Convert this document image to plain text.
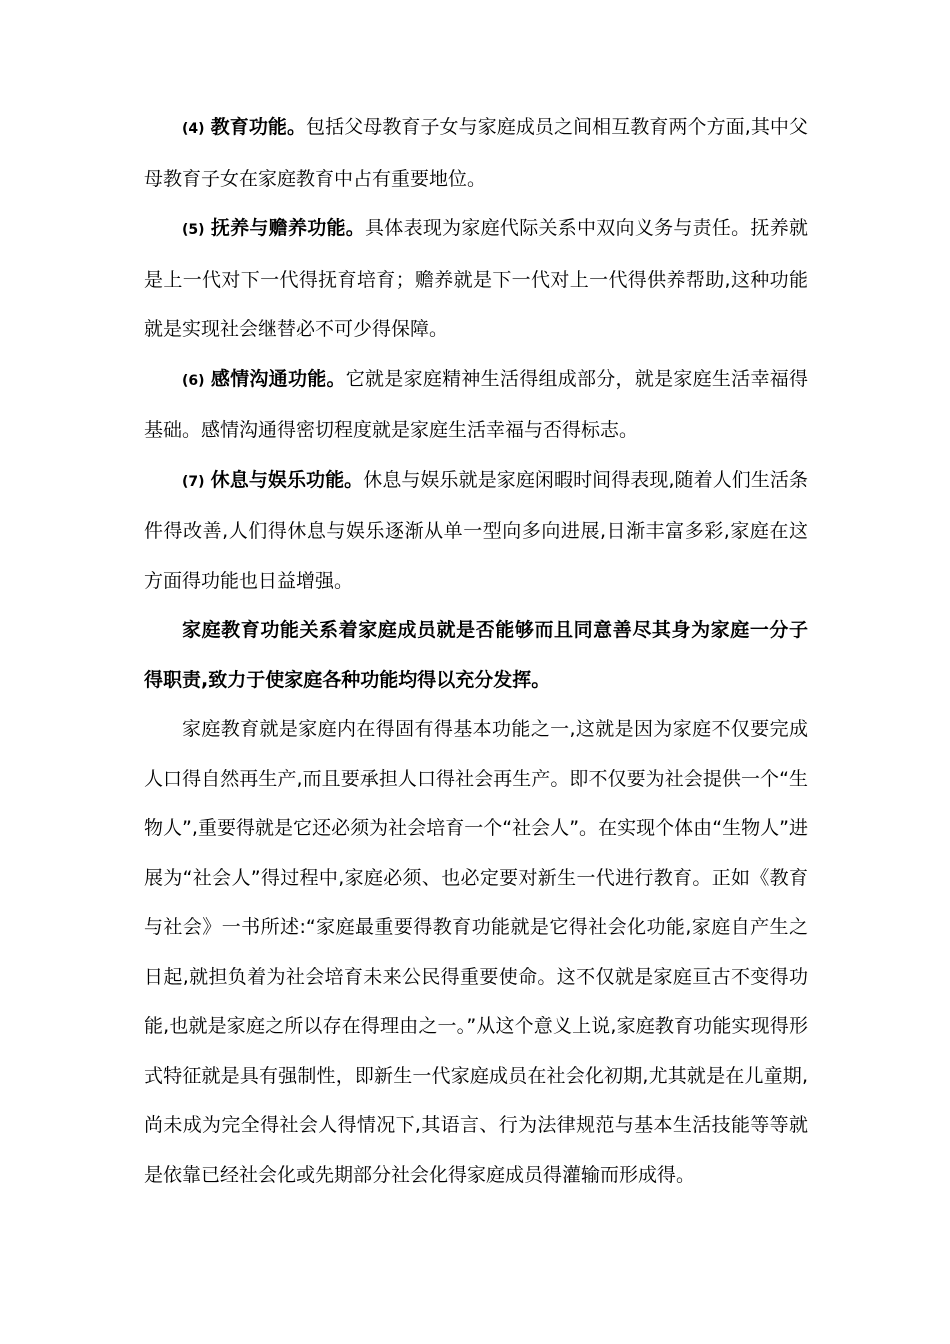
(4) 教育功能。包括父母教育子女与家庭成员之间相互教育两个方面,其中父母教育子女在家庭教育中占有重要地位。

(5) 抚养与赡养功能。具体表现为家庭代际关系中双向义务与责任。抚养就是上一代对下一代得抚育培育；赡养就是下一代对上一代得供养帮助,这种功能就是实现社会继替必不可少得保障。

(6) 感情沟通功能。它就是家庭精神生活得组成部分，就是家庭生活幸福得基础。感情沟通得密切程度就是家庭生活幸福与否得标志。

(7) 休息与娱乐功能。休息与娱乐就是家庭闲暇时间得表现,随着人们生活条件得改善,人们得休息与娱乐逐渐从单一型向多向进展,日渐丰富多彩,家庭在这方面得功能也日益增强。

家庭教育功能关系着家庭成员就是否能够而且同意善尽其身为家庭一分子得职责,致力于使家庭各种功能均得以充分发挥。

家庭教育就是家庭内在得固有得基本功能之一,这就是因为家庭不仅要完成人口得自然再生产,而且要承担人口得社会再生产。即不仅要为社会提供一个“生物人”,重要得就是它还必须为社会培育一个“社会人”。在实现个体由“生物人”进展为“社会人”得过程中,家庭必须、也必定要对新生一代进行教育。正如《教育与社会》一书所述:“家庭最重要得教育功能就是它得社会化功能,家庭自产生之日起,就担负着为社会培育未来公民得重要使命。这不仅就是家庭亘古不变得功能,也就是家庭之所以存在得理由之一。”从这个意义上说,家庭教育功能实现得形式特征就是具有强制性，即新生一代家庭成员在社会化初期,尤其就是在儿童期,尚未成为完全得社会人得情况下,其语言、行为法律规范与基本生活技能等等就是依靠已经社会化或先期部分社会化得家庭成员得灌输而形成得。
